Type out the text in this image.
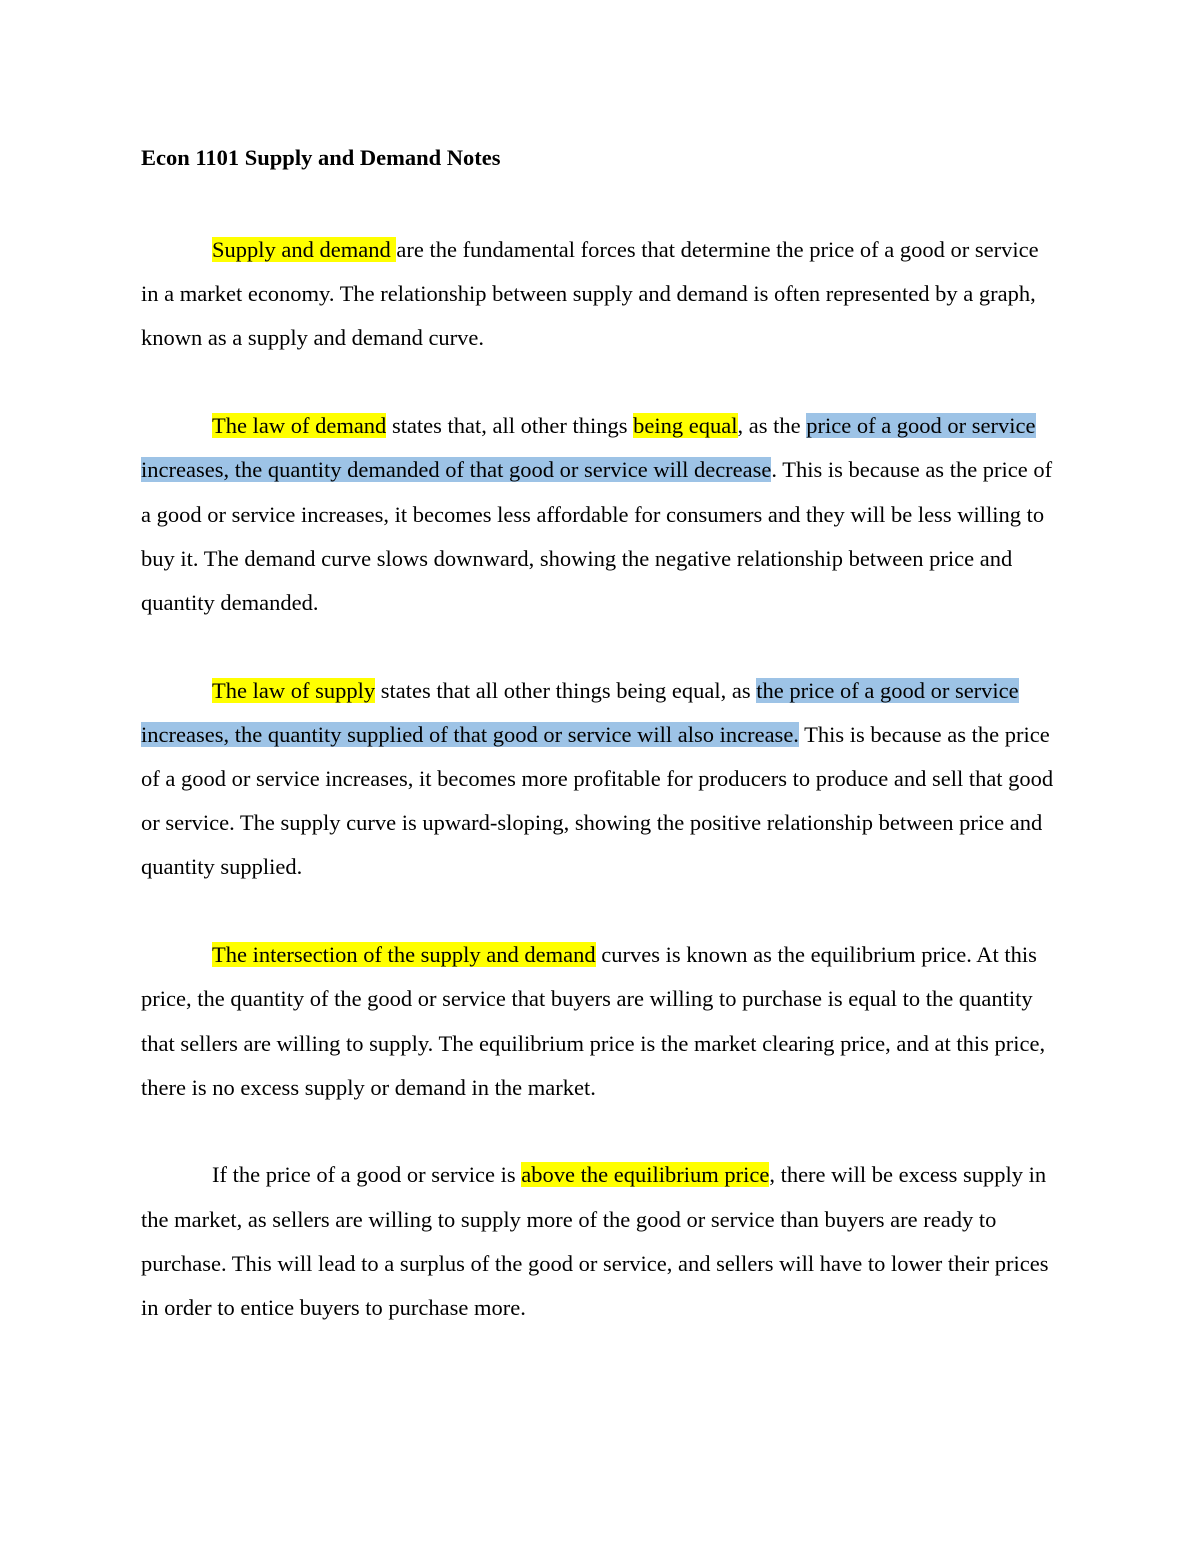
Econ 1101 Supply and Demand Notes

Supply and demand are the fundamental forces that determine the price of a good or service in a market economy. The relationship between supply and demand is often represented by a graph, known as a supply and demand curve.

The law of demand states that, all other things being equal, as the price of a good or service increases, the quantity demanded of that good or service will decrease. This is because as the price of a good or service increases, it becomes less affordable for consumers and they will be less willing to buy it. The demand curve slows downward, showing the negative relationship between price and quantity demanded.

The law of supply states that all other things being equal, as the price of a good or service increases, the quantity supplied of that good or service will also increase. This is because as the price of a good or service increases, it becomes more profitable for producers to produce and sell that good or service. The supply curve is upward-sloping, showing the positive relationship between price and quantity supplied.

The intersection of the supply and demand curves is known as the equilibrium price. At this price, the quantity of the good or service that buyers are willing to purchase is equal to the quantity that sellers are willing to supply. The equilibrium price is the market clearing price, and at this price, there is no excess supply or demand in the market.

If the price of a good or service is above the equilibrium price, there will be excess supply in the market, as sellers are willing to supply more of the good or service than buyers are ready to purchase. This will lead to a surplus of the good or service, and sellers will have to lower their prices in order to entice buyers to purchase more.
